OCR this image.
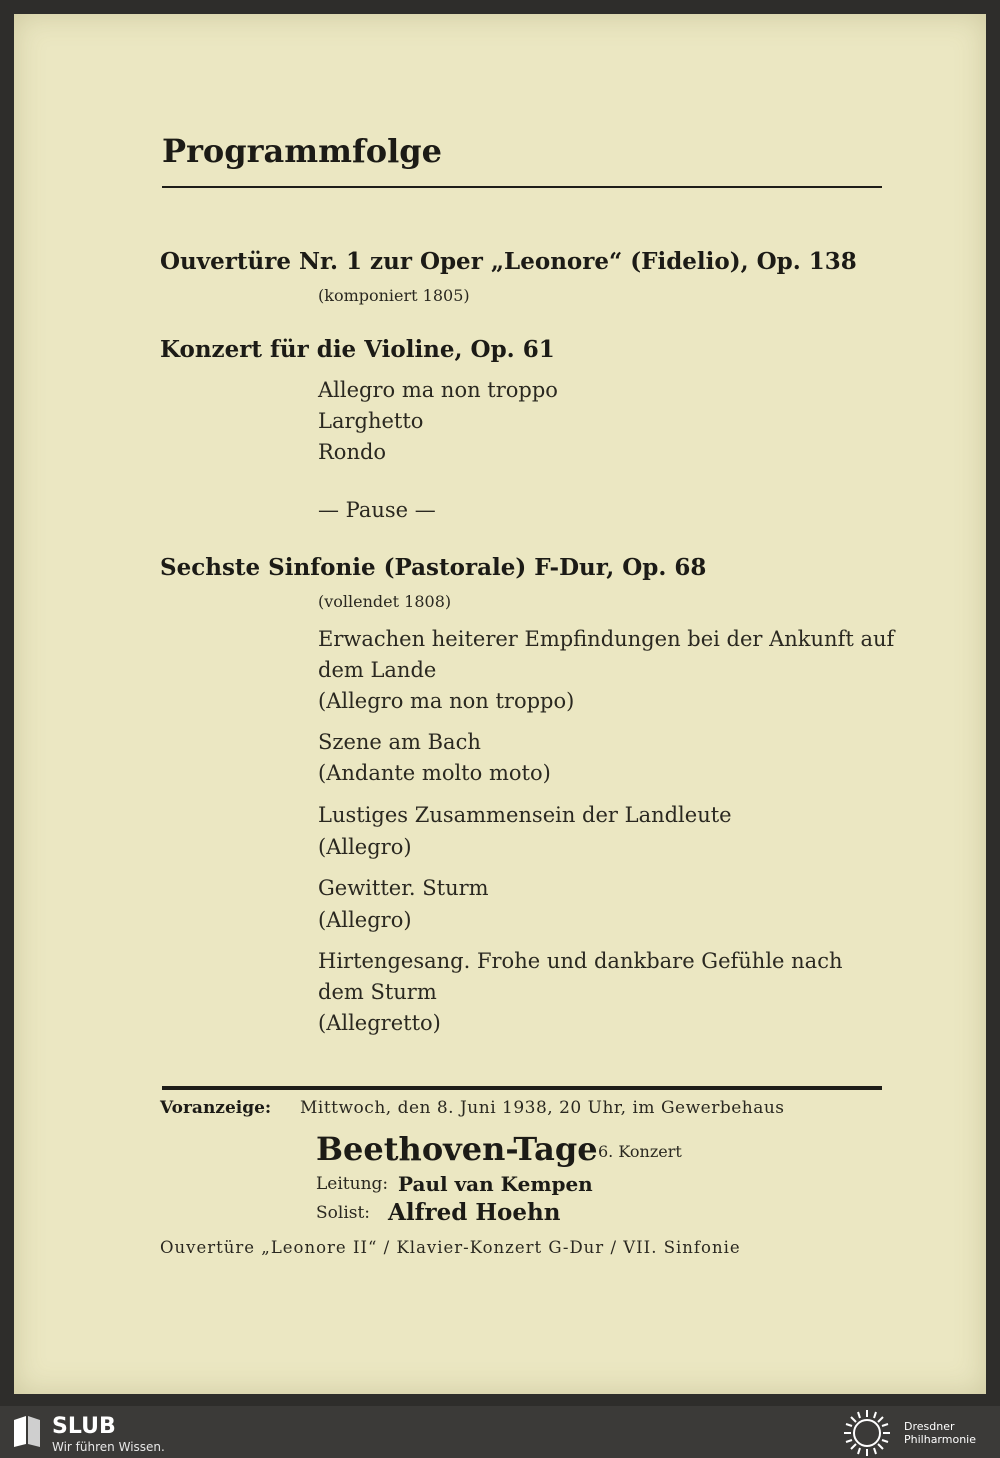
Programmfolge
Ouvertüre Nr. 1 zur Oper „Leonore“ (Fidelio), Op. 138
(komponiert 1805)
Konzert für die Violine, Op. 61
Allegro ma non troppo
Larghetto
Rondo
— Pause —
Sechste Sinfonie (Pastorale) F-Dur, Op. 68
(vollendet 1808)
Erwachen heiterer Empfindungen bei der Ankunft auf
dem Lande
(Allegro ma non troppo)
Szene am Bach
(Andante molto moto)
Lustiges Zusammensein der Landleute
(Allegro)
Gewitter. Sturm
(Allegro)
Hirtengesang. Frohe und dankbare Gefühle nach
dem Sturm
(Allegretto)
Voranzeige: Mittwoch, den 8. Juni 1938, 20 Uhr, im Gewerbehaus
Beethoven-Tage 6. Konzert
Leitung: Paul van Kempen
Solist: Alfred Hoehn
Ouvertüre „Leonore II“ / Klavier-Konzert G-Dur / VII. Sinfonie
SLUB
Wir führen Wissen.
Dresdner
Philharmonie
